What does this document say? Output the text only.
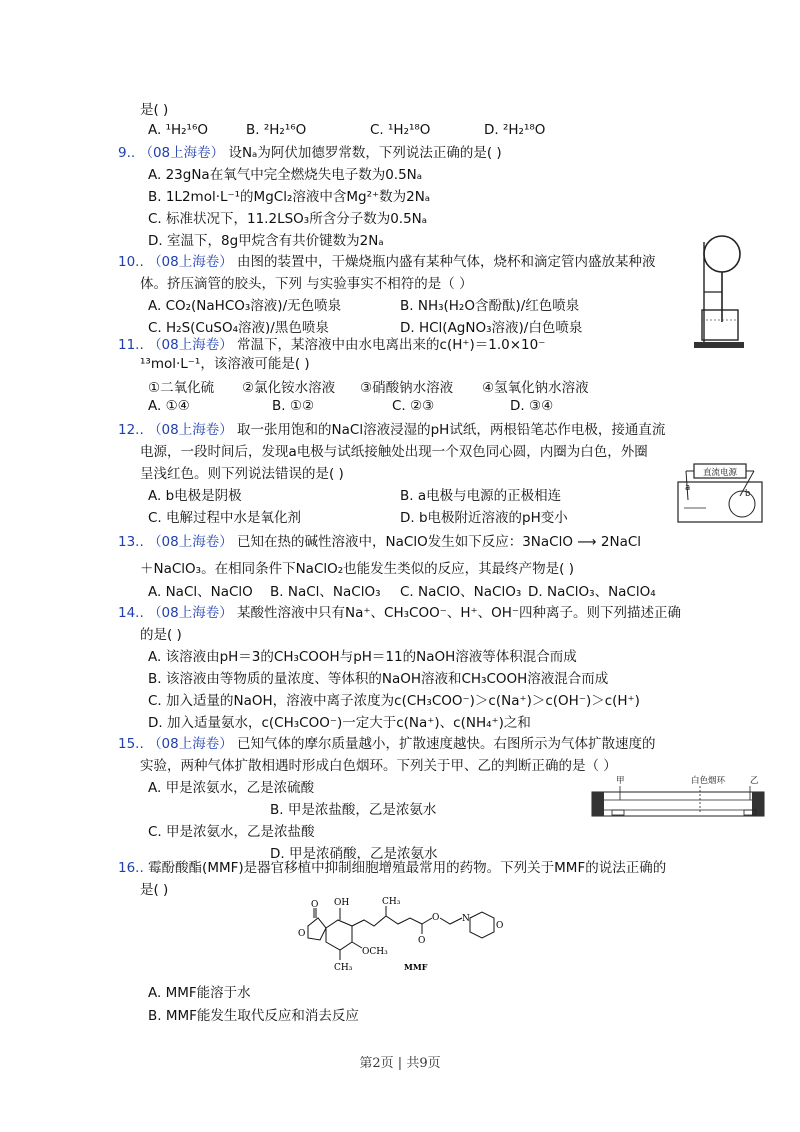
是( )
A. ¹H₂¹⁶O	B. ²H₂¹⁶O	C. ¹H₂¹⁸O	D. ²H₂¹⁸O
9.. （08上海卷） 设Nₐ为阿伏加德罗常数，下列说法正确的是( )
A. 23gNa在氧气中完全燃烧失电子数为0.5Nₐ
B. 1L2mol·L⁻¹的MgCl₂溶液中含Mg²⁺数为2Nₐ
C. 标准状况下，11.2LSO₃所含分子数为0.5Nₐ
D. 室温下，8g甲烷含有共价键数为2Nₐ
10.. （08上海卷） 由图的装置中，干燥烧瓶内盛有某种气体，烧杯和滴定管内盛放某种液
体。挤压滴管的胶头，下列 与实验事实不相符的是（ ）
A. CO₂(NaHCO₃溶液)/无色喷泉	B. NH₃(H₂O含酚酞)/红色喷泉
C. H₂S(CuSO₄溶液)/黑色喷泉	D. HCl(AgNO₃溶液)/白色喷泉
11.. （08上海卷） 常温下，某溶液中由水电离出来的c(H⁺)＝1.0×10⁻
¹³mol·L⁻¹，该溶液可能是( )
①二氧化硫 ②氯化铵水溶液 ③硝酸钠水溶液 ④氢氧化钠水溶液
A. ①④	B. ①②	C. ②③	D. ③④
12.. （08上海卷） 取一张用饱和的NaCl溶液浸湿的pH试纸，两根铅笔芯作电极，接通直流
电源，一段时间后，发现a电极与试纸接触处出现一个双色同心圆，内圈为白色，外圈
呈浅红色。则下列说法错误的是( )
A. b电极是阴极	B. a电极与电源的正极相连
C. 电解过程中水是氧化剂	D. b电极附近溶液的pH变小
直流电源
a
b
13.. （08上海卷） 已知在热的碱性溶液中，NaClO发生如下反应：3NaClO ⟶ 2NaCl
＋NaClO₃。在相同条件下NaClO₂也能发生类似的反应，其最终产物是( )
A. NaCl、NaClO B. NaCl、NaClO₃ C. NaClO、NaClO₃ D. NaClO₃、NaClO₄
14.. （08上海卷） 某酸性溶液中只有Na⁺、CH₃COO⁻、H⁺、OH⁻四种离子。则下列描述正确
的是( )
A. 该溶液由pH＝3的CH₃COOH与pH＝11的NaOH溶液等体积混合而成
B. 该溶液由等物质的量浓度、等体积的NaOH溶液和CH₃COOH溶液混合而成
C. 加入适量的NaOH，溶液中离子浓度为c(CH₃COO⁻)＞c(Na⁺)＞c(OH⁻)＞c(H⁺)
D. 加入适量氨水，c(CH₃COO⁻)一定大于c(Na⁺)、c(NH₄⁺)之和
15.. （08上海卷） 已知气体的摩尔质量越小，扩散速度越快。右图所示为气体扩散速度的
实验，两种气体扩散相遇时形成白色烟环。下列关于甲、乙的判断正确的是（ ）
A. 甲是浓氨水，乙是浓硫酸
B. 甲是浓盐酸，乙是浓氨水
C. 甲是浓氨水，乙是浓盐酸
D. 甲是浓硝酸，乙是浓氨水
甲	白色烟环	乙
16.. 霉酚酸酯(MMF)是器官移植中抑制细胞增殖最常用的药物。下列关于MMF的说法正确的
是( )
O
O
OH
OCH₃
CH₃
CH₃
O
O	N
O
MMF
A. MMF能溶于水
B. MMF能发生取代反应和消去反应
第2页 | 共9页
